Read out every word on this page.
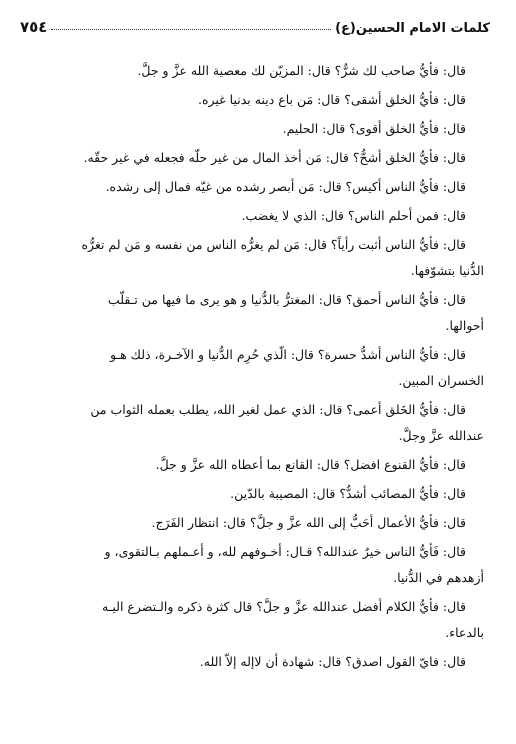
٧٥٤	كلمات الامام الحسين(ع)
قال: فأيُّ صاحب لك شرٌّ؟ قال: المزيّن لك معصية الله عزَّ و جلَّ.
قال: فأيُّ الخلق أشقى؟ قال: مَن باع دينه بدنيا غيره.
قال: فأيُّ الخلق أقوى؟ قال: الحليم.
قال: فأيُّ الخلق أشحُّ؟ قال: مَن أخذ المال من غير حلّه فجعله في غير حقّه.
قال: فأيُّ الناس أكيس؟ قال: مَن أبصر رشده من غيّه فمال إلى رشده.
قال: فمن أحلم الناس؟ قال: الذي لا يغضب.
قال: فأيُّ الناس أثبت رأياً؟ قال: مَن لم يغرُّه الناس من نفسه و مَن لم تغرُّه
الدُّنيا بتشوّفها.
قال: فأيُّ الناس أحمق؟ قال: المغترُّ بالدُّنيا و هو يرى ما فيها من تـقلّب
أحوالها.
قال: فأيُّ الناس أشدُّ حسرة؟ قال: الّذي حُرِم الدُّنيا و الآخـرة، ذلك هـو
الخسران المبين.
قال: فأيُّ الخَلق أعمى؟ قال: الذي عمل لغير الله، يطلب بعمله الثواب من
عندالله عزَّ وجلَّ.
قال: فأيُّ القنوع افضل؟ قال: القانع بما أعطاه الله عزَّ و جلَّ.
قال: فأيُّ المصائب أشدُّ؟ قال: المصيبة بالدّين.
قال: فأيُّ الأعمال أحَبُّ إلى الله عزَّ و جلَّ؟ قال: انتظار الفَرَج.
قال: فَأيُّ الناس خيرٌ عندالله؟ قـال: أخـوفهم لله، و أعـملهم بـالتقوى، و
أزهدهم في الدُّنيا.
قال: فأيُّ الكلام أفضل عندالله عزَّ و جلَّ؟ قال كثرة ذكره والـتضرع اليـه
بالدعاء.
قال: فايّ القول اصدق؟ قال: شهادة أن لاإله إلاّ الله.
